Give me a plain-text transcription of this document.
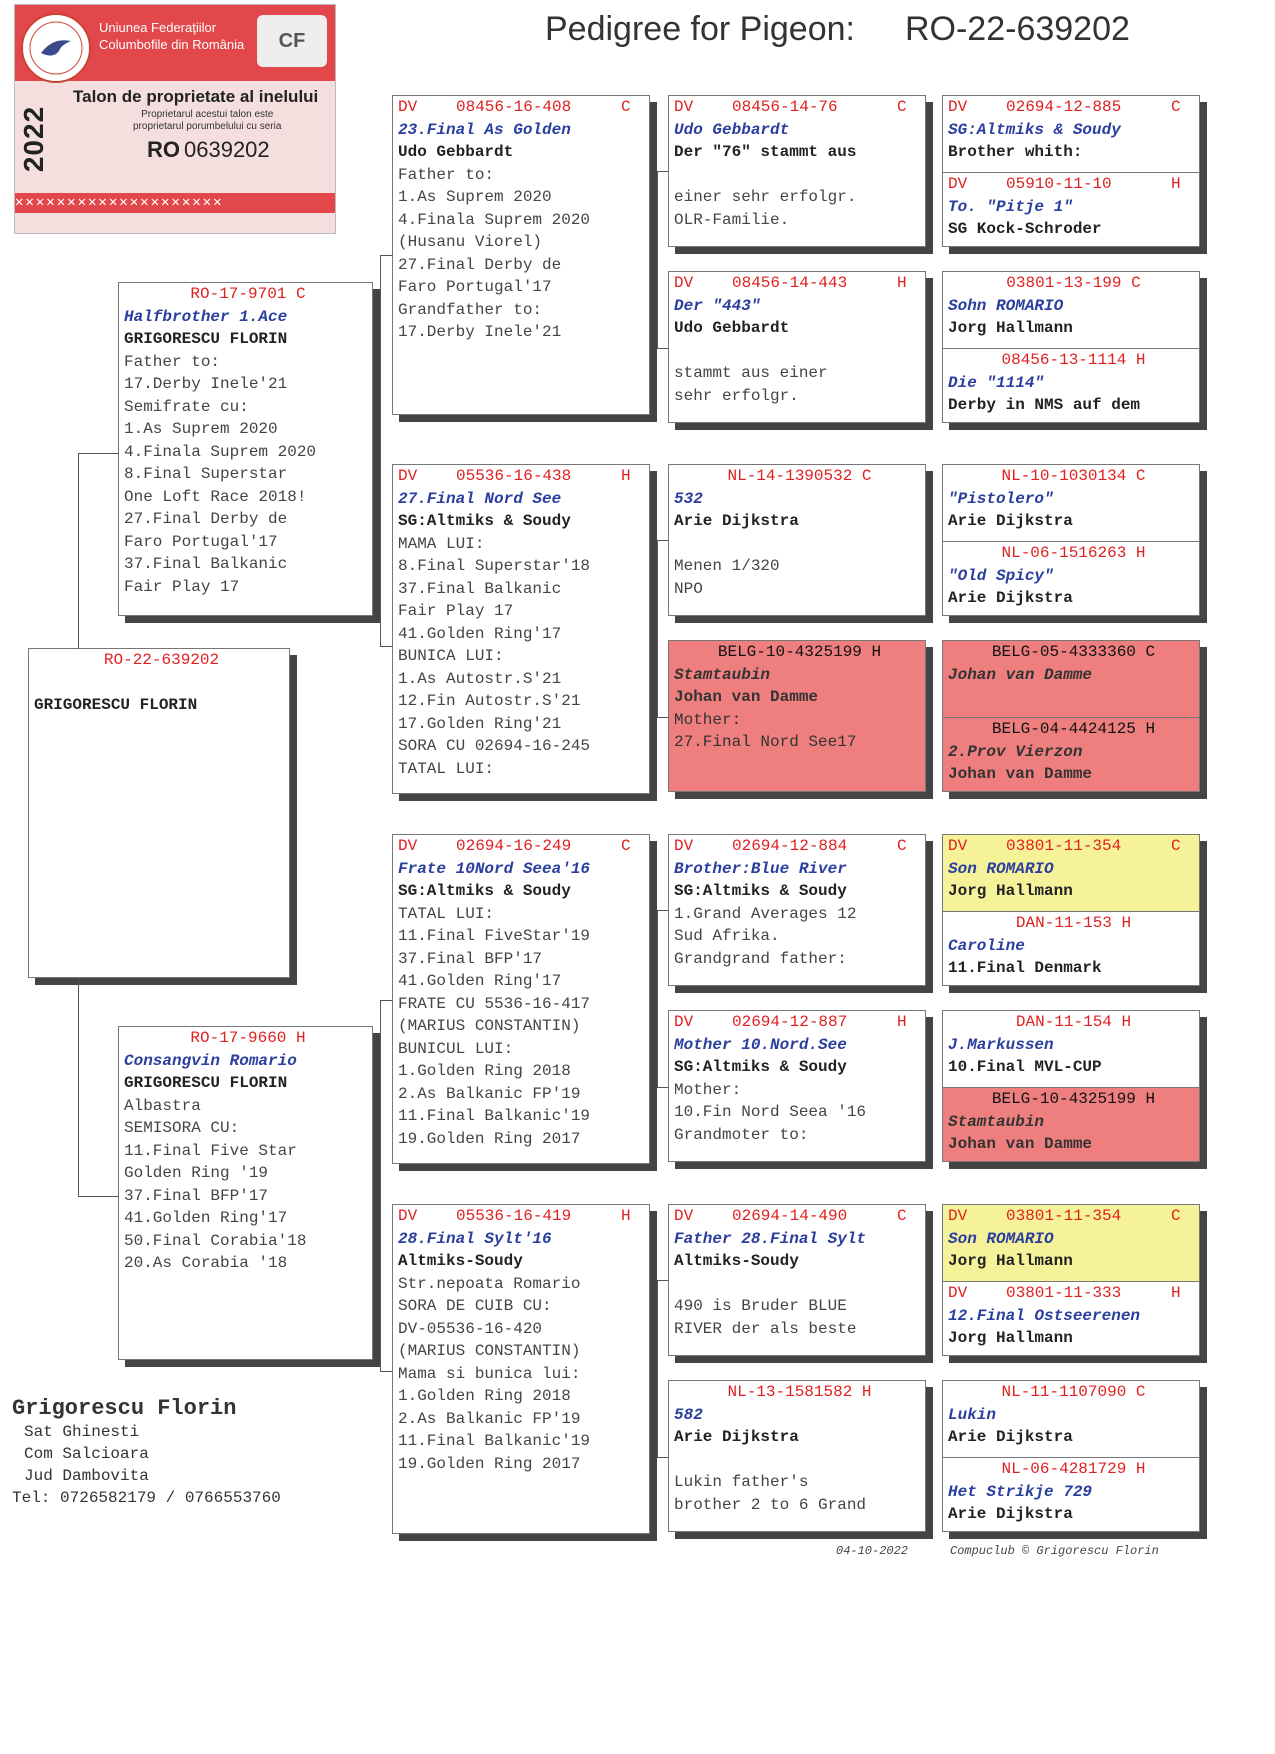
Pedigree for Pigeon: RO-22-639202
Uniunea Federaţiilor
Columbofile din România	CF
Talon de proprietate al inelului
Proprietarul acestui talon este
proprietarul porumbelului cu seria
RO 0639202
2022
✕✕✕✕✕✕✕✕✕✕✕✕✕✕✕✕✕✕✕✕
RO-22-639202
GRIGORESCU FLORIN
RO-17-9701 C
Halfbrother 1.Ace
GRIGORESCU FLORIN
Father to:
17.Derby Inele'21
Semifrate cu:
1.As Suprem 2020
4.Finala Suprem 2020
8.Final Superstar
One Loft Race 2018!
27.Final Derby de
Faro Portugal'17
37.Final Balkanic
Fair Play 17
RO-17-9660 H
Consangvin Romario
GRIGORESCU FLORIN
Albastra
SEMISORA CU:
11.Final Five Star
Golden Ring '19
37.Final BFP'17
41.Golden Ring'17
50.Final Corabia'18
20.As Corabia '18
DV	08456-16-408	C
23.Final As Golden
Udo Gebbardt
Father to:
1.As Suprem 2020
4.Finala Suprem 2020
(Husanu Viorel)
27.Final Derby de
Faro Portugal'17
Grandfather to:
17.Derby Inele'21
DV	05536-16-438	H
27.Final Nord See
SG:Altmiks & Soudy
MAMA LUI:
8.Final Superstar'18
37.Final Balkanic
Fair Play 17
41.Golden Ring'17
BUNICA LUI:
1.As Autostr.S'21
12.Fin Autostr.S'21
17.Golden Ring'21
SORA CU 02694-16-245
TATAL LUI:
DV	02694-16-249	C
Frate 10Nord Seea'16
SG:Altmiks & Soudy
TATAL LUI:
11.Final FiveStar'19
37.Final BFP'17
41.Golden Ring'17
FRATE CU 5536-16-417
(MARIUS CONSTANTIN)
BUNICUL LUI:
1.Golden Ring 2018
2.As Balkanic FP'19
11.Final Balkanic'19
19.Golden Ring 2017
DV	05536-16-419	H
28.Final Sylt'16
Altmiks-Soudy
Str.nepoata Romario
SORA DE CUIB CU:
DV-05536-16-420
(MARIUS CONSTANTIN)
Mama si bunica lui:
1.Golden Ring 2018
2.As Balkanic FP'19
11.Final Balkanic'19
19.Golden Ring 2017
DV	08456-14-76	C
Udo Gebbardt
Der "76" stammt aus
einer sehr erfolgr.
OLR-Familie.
DV	08456-14-443	H
Der "443"
Udo Gebbardt
stammt aus einer
sehr erfolgr.
NL-14-1390532 C
532
Arie Dijkstra
Menen 1/320
NPO
BELG-10-4325199 H
Stamtaubin
Johan van Damme
Mother:
27.Final Nord See17
DV	02694-12-884	C
Brother:Blue River
SG:Altmiks & Soudy
1.Grand Averages 12
Sud Afrika.
Grandgrand father:
DV	02694-12-887	H
Mother 10.Nord.See
SG:Altmiks & Soudy
Mother:
10.Fin Nord Seea '16
Grandmoter to:
DV	02694-14-490	C
Father 28.Final Sylt
Altmiks-Soudy
490 is Bruder BLUE
RIVER der als beste
NL-13-1581582 H
582
Arie Dijkstra
Lukin father's
brother 2 to 6 Grand
DV	02694-12-885	C
SG:Altmiks & Soudy
Brother whith:
DV	05910-11-10	H
To. "Pitje 1"
SG Kock-Schroder
03801-13-199 C
Sohn ROMARIO
Jorg Hallmann
08456-13-1114 H
Die "1114"
Derby in NMS auf dem
NL-10-1030134 C
"Pistolero"
Arie Dijkstra
NL-06-1516263 H
"Old Spicy"
Arie Dijkstra
BELG-05-4333360 C
Johan van Damme
BELG-04-4424125 H
2.Prov Vierzon
Johan van Damme
DV	03801-11-354	C
Son ROMARIO
Jorg Hallmann
DAN-11-153 H
Caroline
11.Final Denmark
DAN-11-154 H
J.Markussen
10.Final MVL-CUP
BELG-10-4325199 H
Stamtaubin
Johan van Damme
DV	03801-11-354	C
Son ROMARIO
Jorg Hallmann
DV	03801-11-333	H
12.Final Ostseerenen
Jorg Hallmann
NL-11-1107090 C
Lukin
Arie Dijkstra
NL-06-4281729 H
Het Strikje 729
Arie Dijkstra
Grigorescu Florin
Sat Ghinesti
Com Salcioara
Jud Dambovita
Tel: 0726582179 / 0766553760
04-10-2022	Compuclub © Grigorescu Florin
